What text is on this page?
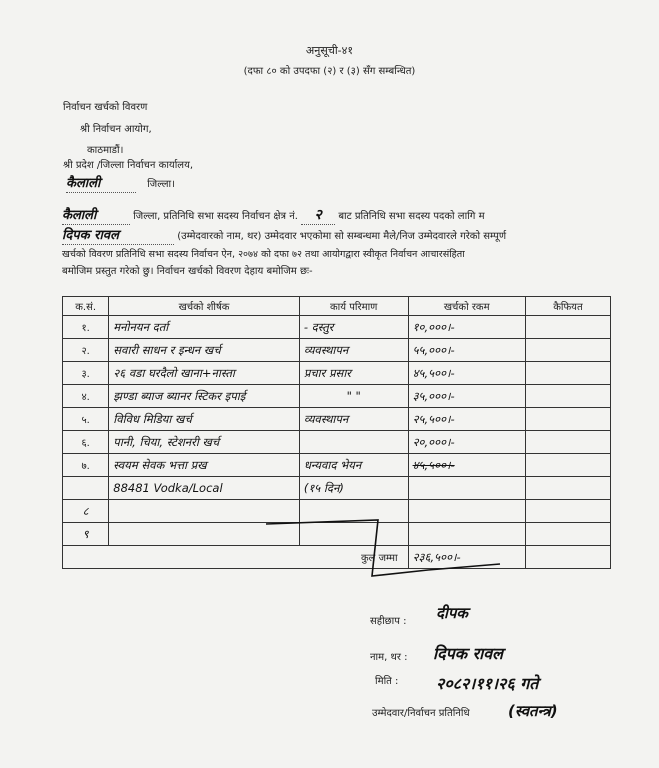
अनुसूची-४१
(दफा ८० को उपदफा (२) र (३) सँग सम्बन्धित)
निर्वाचन खर्चको विवरण
श्री निर्वाचन आयोग,
काठमाडौं।
श्री प्रदेश /जिल्ला निर्वाचन कार्यालय,
कैलाली	जिल्ला।
कैलाली	जिल्ला, प्रतिनिधि सभा सदस्य निर्वाचन क्षेत्र नं. २ बाट प्रतिनिधि सभा सदस्य पदको लागि म
दिपक रावल	(उम्मेदवारको नाम, थर) उम्मेदवार भएकोमा सो सम्बन्धमा मैले/निज उम्मेदवारले गरेको सम्पूर्ण
खर्चको विवरण प्रतिनिधि सभा सदस्य निर्वाचन ऐन, २०७४ को दफा ७२ तथा आयोगद्वारा स्वीकृत निर्वाचन आचारसंहिता
बमोजिम प्रस्तुत गरेको छु। निर्वाचन खर्चको विवरण देहाय बमोजिम छः-
क.सं.	खर्चको शीर्षक	कार्य परिमाण	खर्चको रकम	कैफियत
१.	मनोनयन दर्ता	- दस्तुर	१०,०००।-	
२.	सवारी साधन र इन्धन खर्च	व्यवस्थापन	५५,०००।-	
३.	२६ वडा घरदैलो खाना+नास्ता	प्रचार प्रसार	४५,५००।-	
४.	झण्डा ब्याज ब्यानर स्टिकर इपाई	" "	३५,०००।-	
५.	विविध मिडिया खर्च	व्यवस्थापन	२५,५००।-	
६.	पानी, चिया, स्टेशनरी खर्च		२०,०००।-	
७.	स्वयम सेवक भत्ता प्रख	धन्यवाद भेयन	४५,५००।-	
	88481 Vodka/Local	(१५ दिन)		
८				
९				
कुल जम्मा			२३६,५००।-	
सहीछाप : दीपक
नाम, थर : दिपक रावल
मिति : २०८२।११।२६ गते
उम्मेदवार/निर्वाचन प्रतिनिधि	(स्वतन्त्र)
